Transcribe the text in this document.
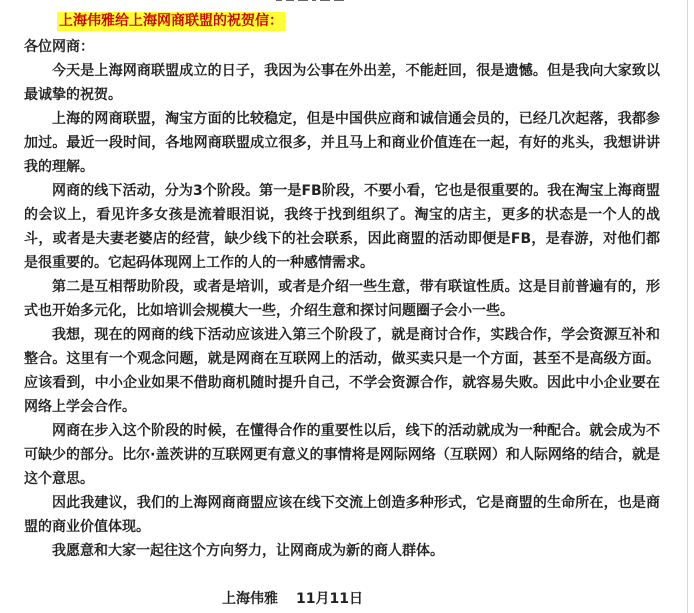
上海伟雅给上海网商联盟的祝贺信：

各位网商：

今天是上海网商联盟成立的日子，我因为公事在外出差，不能赶回，很是遗憾。但是我向大家致以最诚挚的祝贺。

上海的网商联盟，淘宝方面的比较稳定，但是中国供应商和诚信通会员的，已经几次起落，我都参加过。最近一段时间，各地网商联盟成立很多，并且马上和商业价值连在一起，有好的兆头，我想讲讲我的理解。

网商的线下活动，分为3个阶段。第一是FB阶段，不要小看，它也是很重要的。我在淘宝上海商盟的会议上，看见许多女孩是流着眼泪说，我终于找到组织了。淘宝的店主，更多的状态是一个人的战斗，或者是夫妻老婆店的经营，缺少线下的社会联系，因此商盟的活动即便是FB，是春游，对他们都是很重要的。它起码体现网上工作的人的一种感情需求。

第二是互相帮助阶段，或者是培训，或者是介绍一些生意，带有联谊性质。这是目前普遍有的，形式也开始多元化，比如培训会规模大一些，介绍生意和探讨问题圈子会小一些。

我想，现在的网商的线下活动应该进入第三个阶段了，就是商讨合作，实践合作，学会资源互补和整合。这里有一个观念问题，就是网商在互联网上的活动，做买卖只是一个方面，甚至不是高级方面。应该看到，中小企业如果不借助商机随时提升自己，不学会资源合作，就容易失败。因此中小企业要在网络上学会合作。

网商在步入这个阶段的时候，在懂得合作的重要性以后，线下的活动就成为一种配合。就会成为不可缺少的部分。比尔·盖茨讲的互联网更有意义的事情将是网际网络（互联网）和人际网络的结合，就是这个意思。

因此我建议，我们的上海网商商盟应该在线下交流上创造多种形式，它是商盟的生命所在，也是商盟的商业价值体现。

我愿意和大家一起往这个方向努力，让网商成为新的商人群体。

上海伟雅 11月11日
